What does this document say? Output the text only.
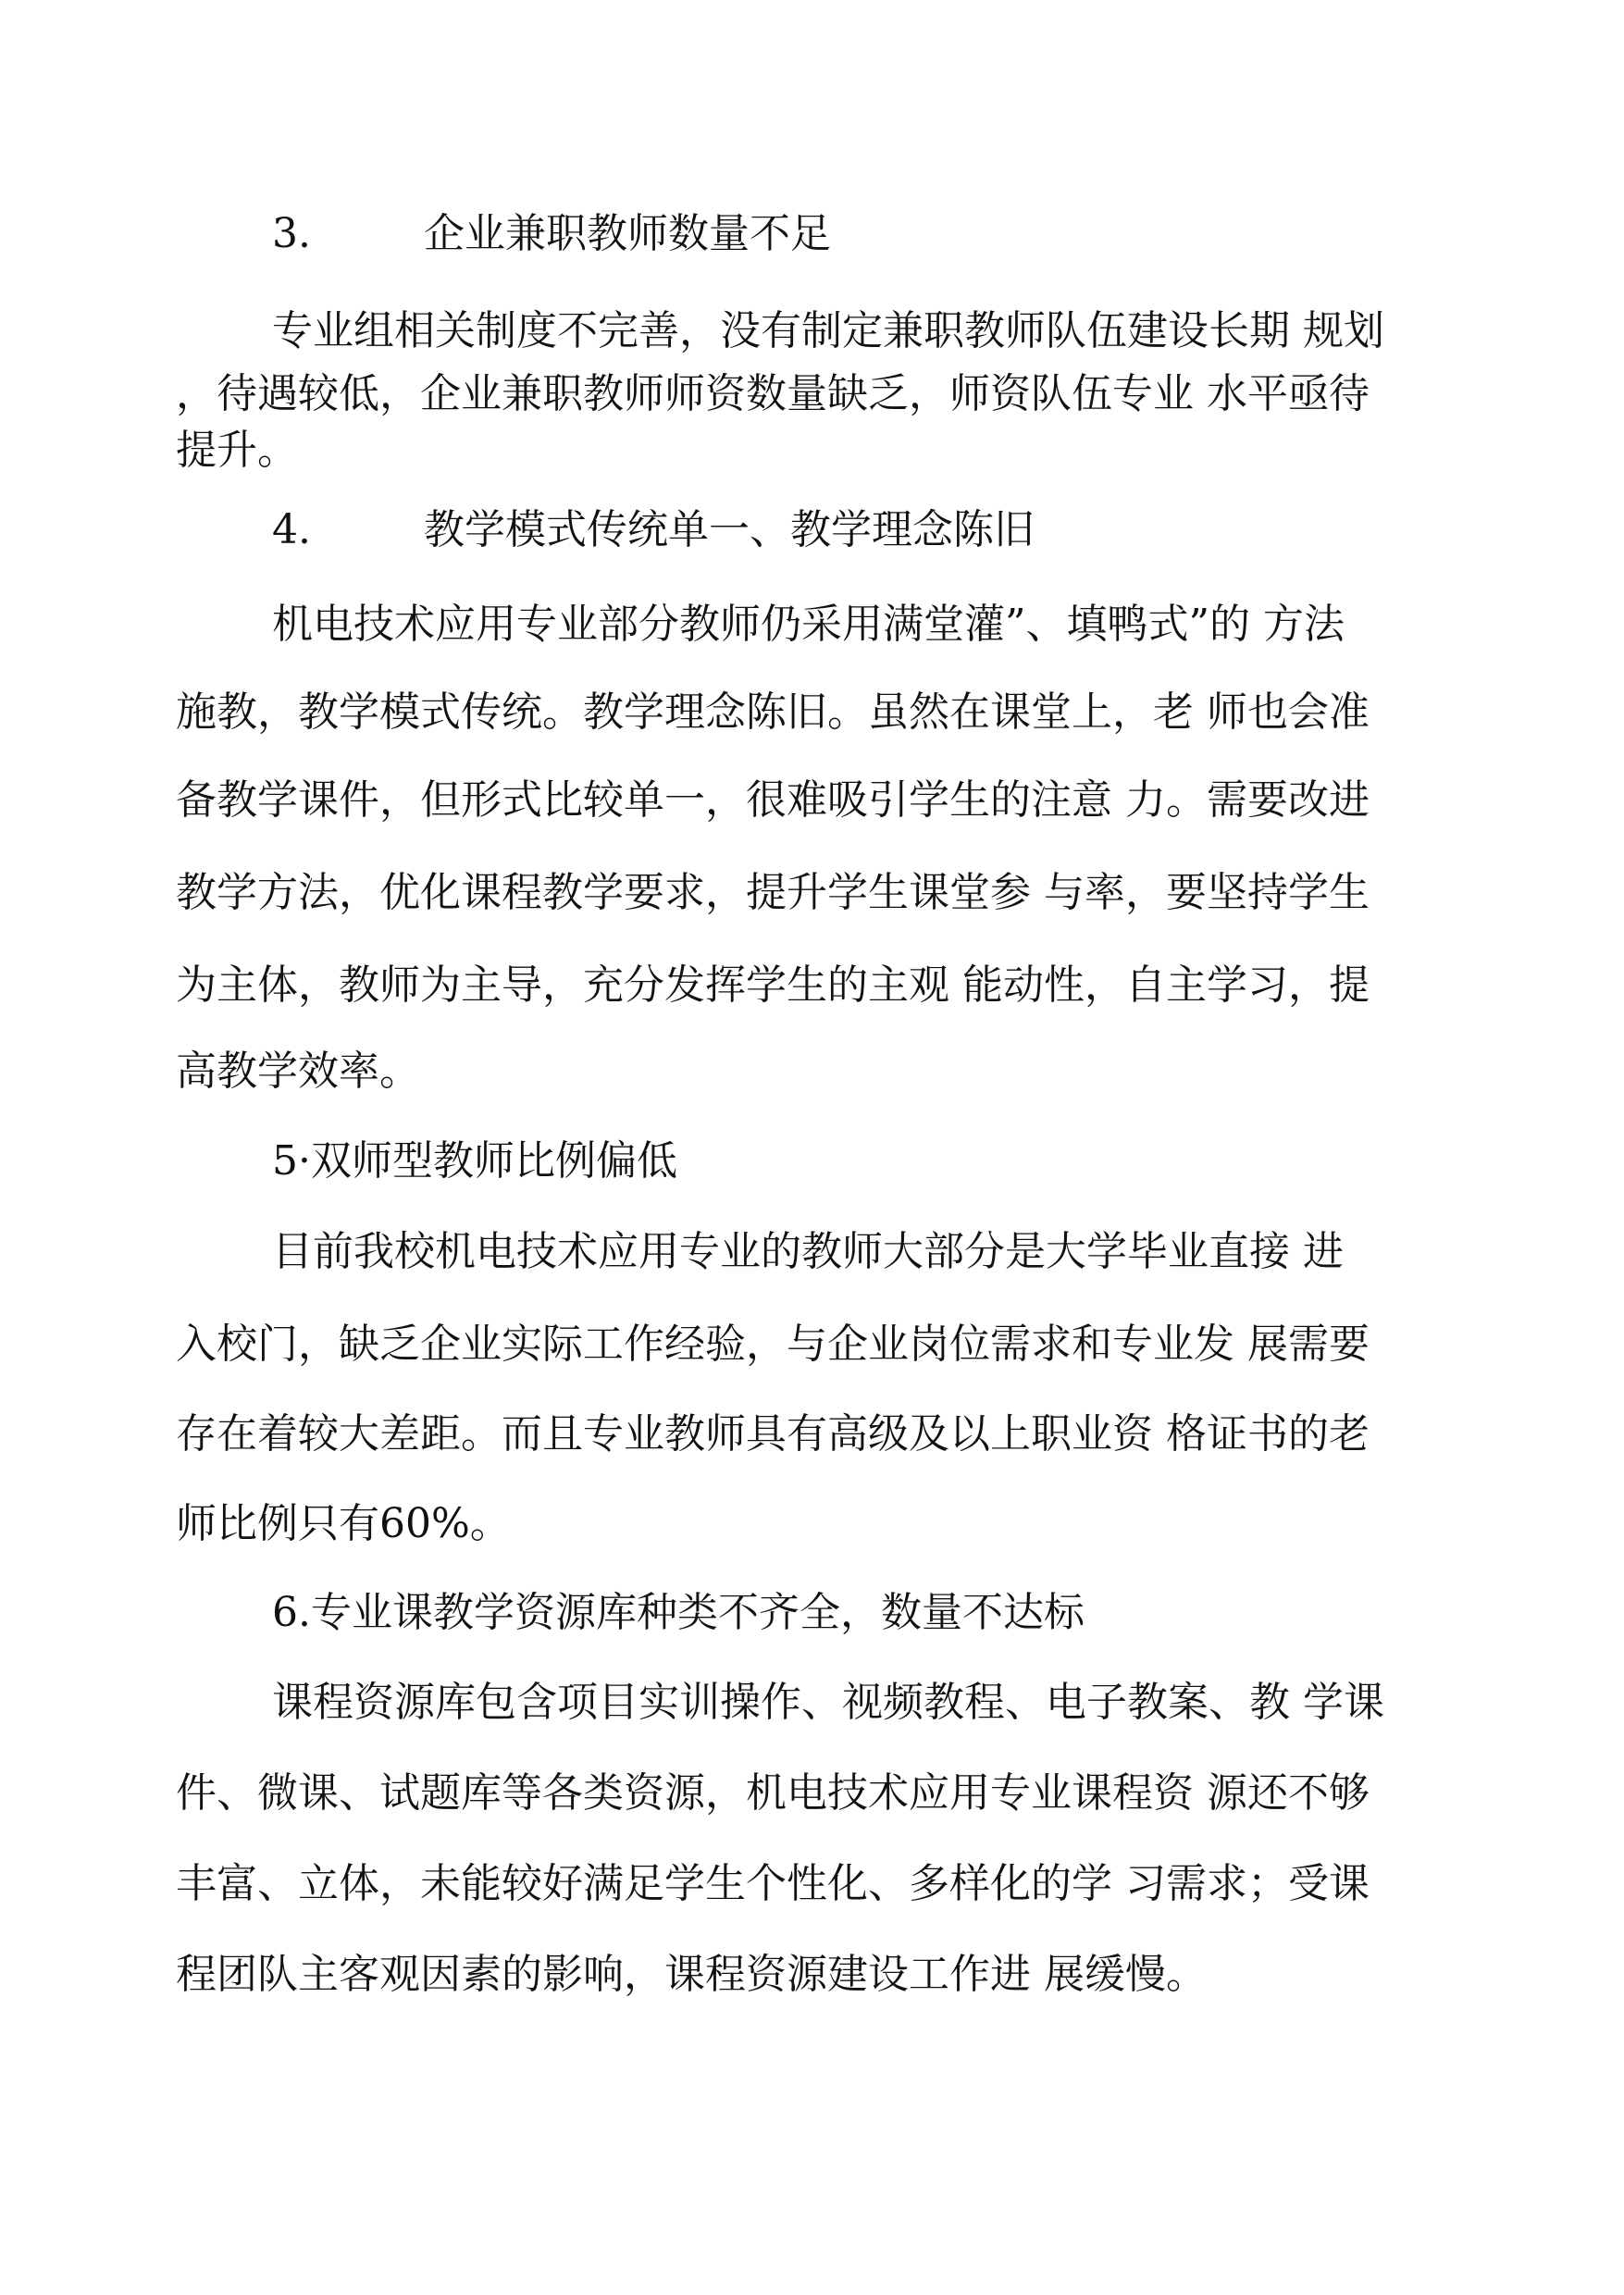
3.	企业兼职教师数量不足
专业组相关制度不完善，没有制定兼职教师队伍建设长期 规划
，待遇较低，企业兼职教师师资数量缺乏，师资队伍专业 水平亟待
提升。
4.	教学模式传统单一、教学理念陈旧
机电技术应用专业部分教师仍采用满堂灌”、填鸭式”的 方法
施教，教学模式传统。教学理念陈旧。虽然在课堂上，老 师也会准
备教学课件，但形式比较单一，很难吸引学生的注意 力。需要改进
教学方法，优化课程教学要求，提升学生课堂参 与率，要坚持学生
为主体，教师为主导，充分发挥学生的主观 能动性，自主学习，提
高教学效率。
5·双师型教师比例偏低
目前我校机电技术应用专业的教师大部分是大学毕业直接 进
入校门，缺乏企业实际工作经验，与企业岗位需求和专业发 展需要
存在着较大差距。而且专业教师具有高级及以上职业资 格证书的老
师比例只有60%。
6.专业课教学资源库种类不齐全，数量不达标
课程资源库包含项目实训操作、视频教程、电子教案、教 学课
件、微课、试题库等各类资源，机电技术应用专业课程资 源还不够
丰富、立体，未能较好满足学生个性化、多样化的学 习需求；受课
程团队主客观因素的影响，课程资源建设工作进 展缓慢。
